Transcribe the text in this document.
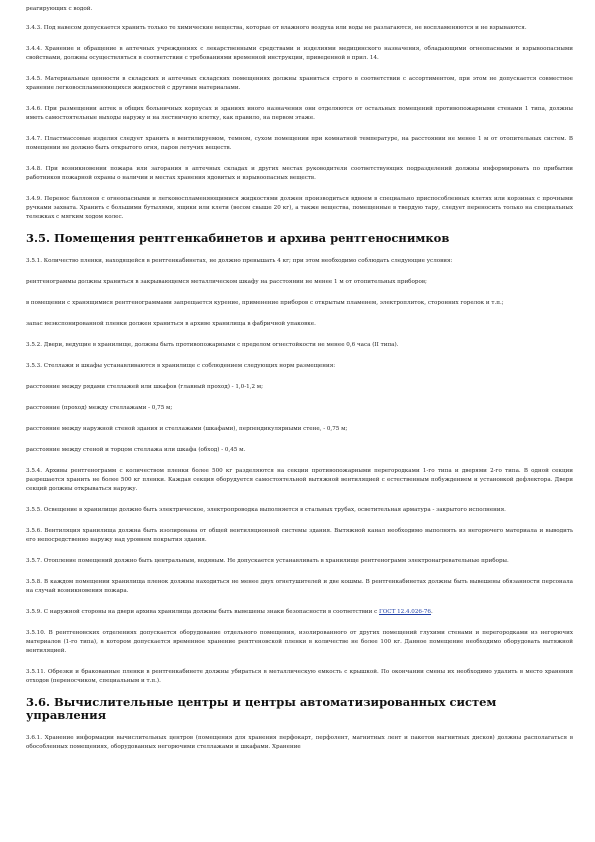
реагирующих с водой.

3.4.3. Под навесом допускается хранить только те химические вещества, которые от влажного воздуха или воды не разлагаются, не воспламеняются и не взрываются.

3.4.4. Хранение и обращение в аптечных учреждениях с лекарственными средствами и изделиями медицинского назначения, обладающими огнеопасными и взрывоопасными свойствами, должны осуществляться в соответствии с требованиями временной инструкции, приведенной в прил. 14.

3.4.5. Материальные ценности в складских и аптечных складских помещениях должны храниться строго в соответствии с ассортиментом, при этом не допускается совместное хранение легковоспламеняющихся жидкостей с другими материалами.

3.4.6. При размещении аптек в общих больничных корпусах и зданиях иного назначения они отделяются от остальных помещений противопожарными стенами 1 типа, должны иметь самостоятельные выходы наружу и на лестничную клетку, как правило, на первом этаже.

3.4.7. Пластмассовые изделия следует хранить в вентилируемом, темном, сухом помещении при комнатной температуре, на расстоянии не менее 1 м от отопительных систем. В помещении не должно быть открытого огня, паров летучих веществ.

3.4.8. При возникновении пожара или загорания в аптечных складах и других местах руководители соответствующих подразделений должны информировать по прибытии работников пожарной охраны о наличии и местах хранения ядовитых и взрывоопасных веществ.

3.4.9. Перенос баллонов с огнеопасными и легковоспламеняющимися жидкостями должен производиться вдвоем в специально приспособленных клетях или корзинах с прочными ручками захвата. Хранить с большими бутылями, ящики или клети (весом свыше 20 кг), а также вещества, помещенные в твердую тару, следует переносить только на специальных тележках с мягким ходом колес.

3.5. Помещения рентгенкабинетов и архива рентгеноснимков

3.5.1. Количество пленки, находящейся в рентгенкабинетах, не должно превышать 4 кг; при этом необходимо соблюдать следующие условия:

рентгенограммы должны храниться в закрывающемся металлическом шкафу на расстоянии не менее 1 м от отопительных приборов;

в помещении с хранящимися рентгенограммами запрещается курение, применение приборов с открытым пламенем, электроплиток, сторонних горелок и т.п.;

запас неэкспонированной пленки должен храниться в архиве хранилища в фабричной упаковке.

3.5.2. Двери, ведущие в хранилище, должны быть противопожарными с пределом огнестойкости не менее 0,6 часа (II типа).

3.5.3. Стеллажи и шкафы устанавливаются в хранилище с соблюдением следующих норм размещения:

расстояние между рядами стеллажей или шкафов (главный проход) - 1,0-1,2 м;

расстояние (проход) между стеллажами - 0,75 м;

расстояние между наружной стеной здания и стеллажами (шкафами), перпендикулярными стене, - 0,75 м;

расстояние между стеной и торцом стеллажа или шкафа (обход) - 0,45 м.

3.5.4. Архивы рентгенограмм с количеством пленки более 500 кг разделяются на секции противопожарными перегородками 1-го типа и дверями 2-го типа. В одной секции разрешается хранить не более 500 кг пленки. Каждая секция оборудуется самостоятельной вытяжной вентиляцией с естественным побуждением и установкой дефлектора. Двери секций должны открываться наружу.

3.5.5. Освещение в хранилище должно быть электрическое, электропроводка выполняется в стальных трубах, осветительная арматура - закрытого исполнения.

3.5.6. Вентиляция хранилища должна быть изолирована от общей вентиляционной системы здания. Вытяжной канал необходимо выполнять из негорючего материала и выводить его непосредственно наружу над уровнем покрытия здания.

3.5.7. Отопление помещений должно быть центральным, водяным. Не допускается устанавливать в хранилище рентгенограмм электронагревательные приборы.

3.5.8. В каждом помещении хранилища пленок должны находиться не менее двух огнетушителей и две кошмы. В рентгенкабинетах должны быть вывешены обязанности персонала на случай возникновения пожара.

3.5.9. С наружной стороны на двери архива хранилища должны быть вывешены знаки безопасности в соответствии с ГОСТ 12.4.026-76.

3.5.10. В рентгеновских отделениях допускается оборудование отдельного помещения, изолированного от других помещений глухими стенами и перегородками из негорючих материалов (1-го типа), в котором допускается временное хранение рентгеновской пленки в количестве не более 100 кг. Данное помещение необходимо оборудовать вытяжной вентиляцией.

3.5.11. Обрезки и бракованные пленки в рентгенкабинете должны убираться в металлическую емкость с крышкой. По окончании смены их необходимо удалить в место хранения отходов (переносчиком, специальным и т.п.).

3.6. Вычислительные центры и центры автоматизированных систем управления

3.6.1. Хранение информации вычислительных центров (помещения для хранения перфокарт, перфолент, магнитных лент и пакетов магнитных дисков) должны располагаться в обособленных помещениях, оборудованных негорючими стеллажами и шкафами. Хранение
